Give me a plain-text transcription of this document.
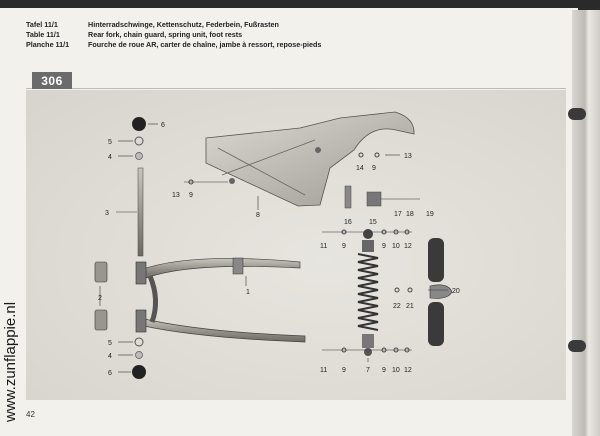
Tafel 11/1	Hinterradschwinge, Kettenschutz, Federbein, Fußrasten
Table 11/1	Rear fork, chain guard, spring unit, foot rests
Planche 11/1	Fourche de roue AR, carter de chaîne, jambe à ressort, repose-pieds
306
6
5
4
3
2
5
4
6
1
8
13 9
14 9
13
16 15
17 18 19
11 9	9 10 12
20
22 21
11 9	7 9 10 12
www.zunflappie.nl 42
